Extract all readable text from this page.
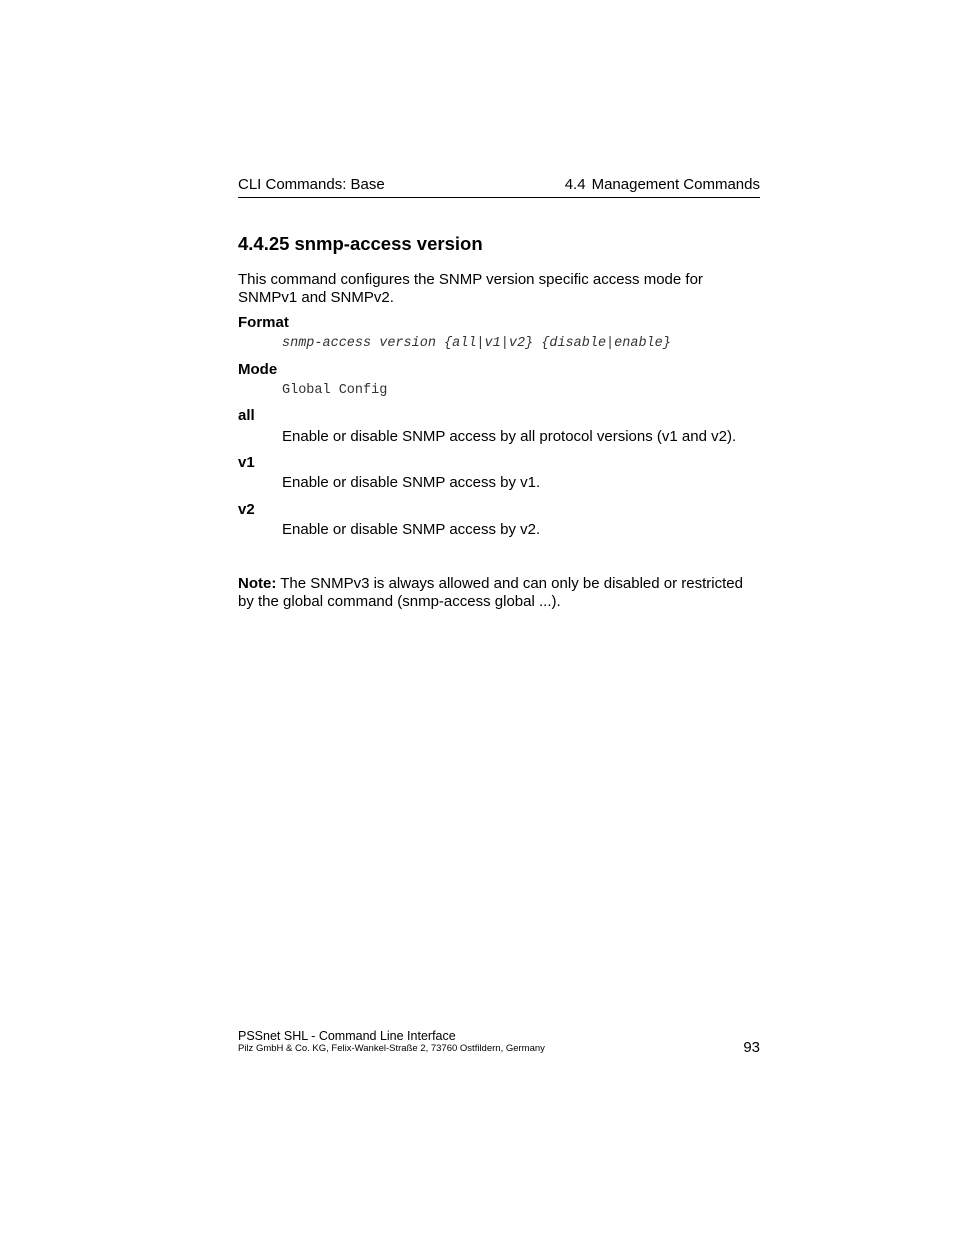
CLI Commands: Base	4.4 Management Commands
4.4.25 snmp-access version
This command configures the SNMP version specific access mode for SNMPv1 and SNMPv2.
Format
snmp-access version {all|v1|v2} {disable|enable}
Mode
Global Config
all
Enable or disable SNMP access by all protocol versions (v1 and v2).
v1
Enable or disable SNMP access by v1.
v2
Enable or disable SNMP access by v2.
Note: The SNMPv3 is always allowed and can only be disabled or restricted by the global command (snmp-access global ...).
PSSnet SHL - Command Line Interface
Pilz GmbH & Co. KG, Felix-Wankel-Straße 2, 73760 Ostfildern, Germany	93
